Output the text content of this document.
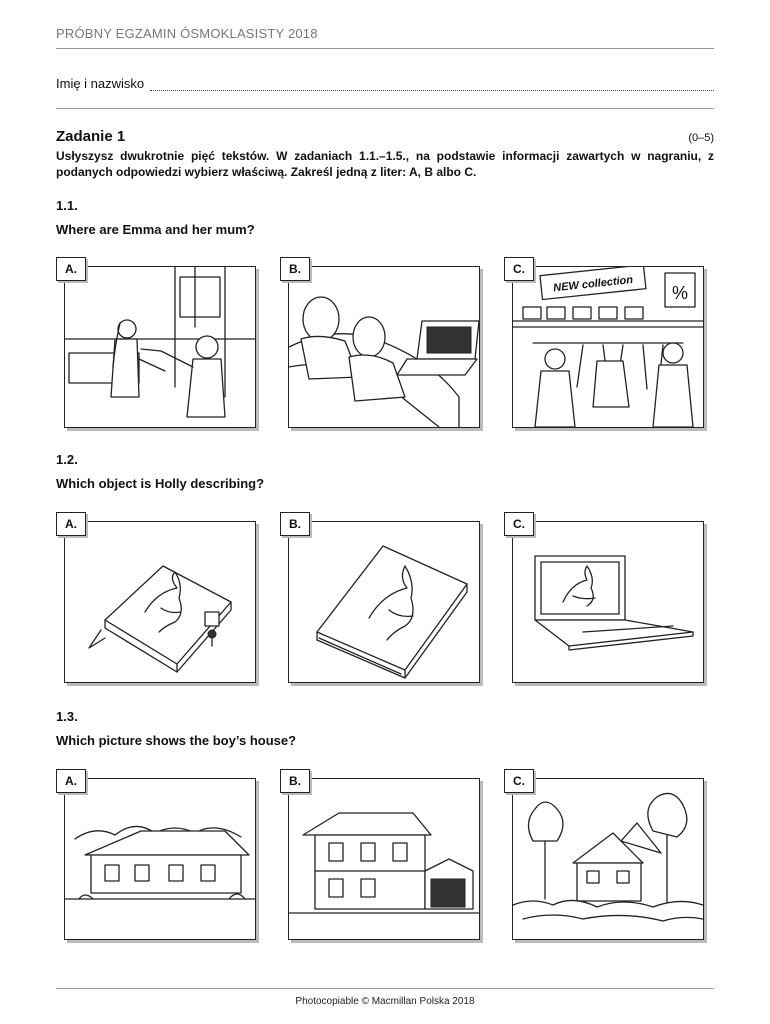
PRÓBNY EGZAMIN ÓSMOKLASISTY 2018
Imię i nazwisko
Zadanie 1	(0–5)
Usłyszysz dwukrotnie pięć tekstów. W zadaniach 1.1.–1.5., na podstawie informacji zawartych w nagraniu, z podanych odpowiedzi wybierz właściwą. Zakreśl jedną z liter: A, B albo C.
1.1.
Where are Emma and her mum?
A.	B.
NEW collection %
C.
1.2.
Which object is Holly describing?
A.	B.	C.
1.3.
Which picture shows the boy’s house?
A.	B.	C.
Photocopiable © Macmillan Polska 2018
